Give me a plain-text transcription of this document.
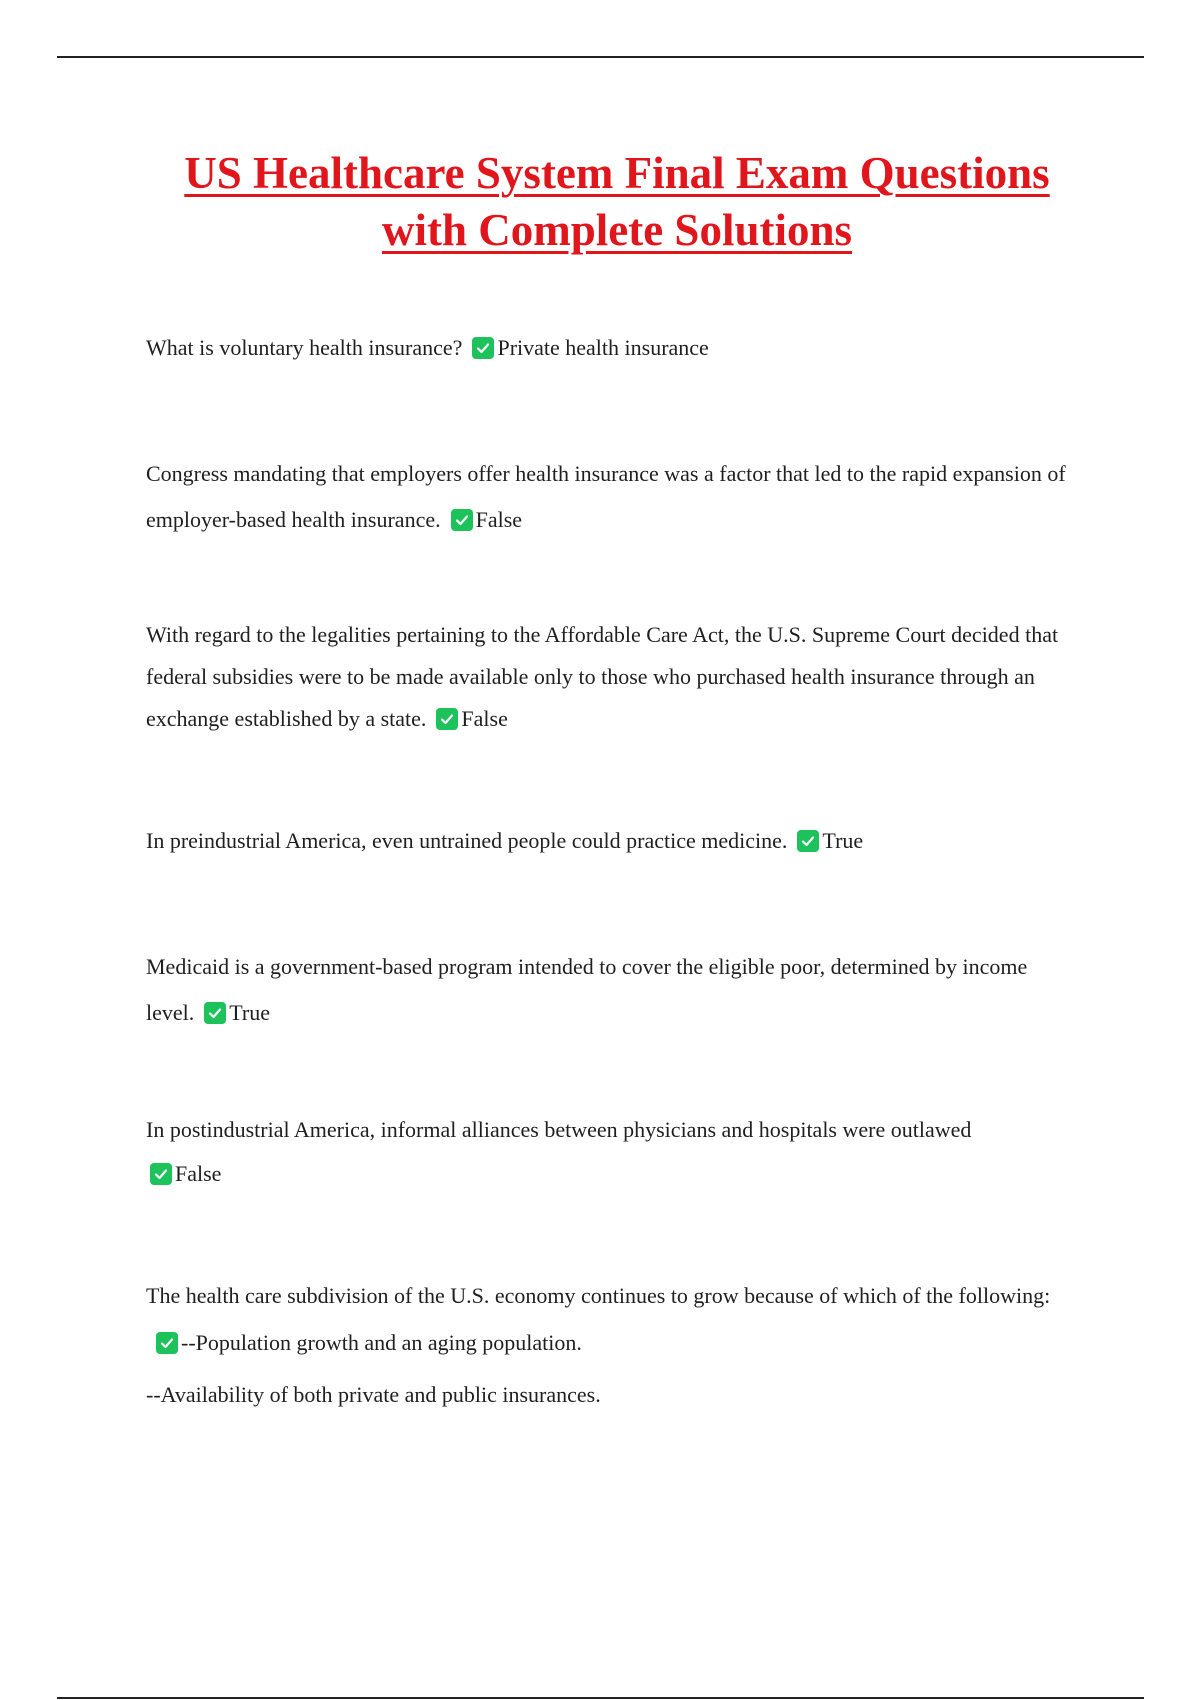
US Healthcare System Final Exam Questions
with Complete Solutions
What is voluntary health insurance? Private health insurance
Congress mandating that employers offer health insurance was a factor that led to the rapid expansion of employer-based health insurance. False
With regard to the legalities pertaining to the Affordable Care Act, the U.S. Supreme Court decided that federal subsidies were to be made available only to those who purchased health insurance through an exchange established by a state. False
In preindustrial America, even untrained people could practice medicine. True
Medicaid is a government-based program intended to cover the eligible poor, determined by income level. True
In postindustrial America, informal alliances between physicians and hospitals were outlawed

False
The health care subdivision of the U.S. economy continues to grow because of which of the following:
--Population growth and an aging population.
--Availability of both private and public insurances.
